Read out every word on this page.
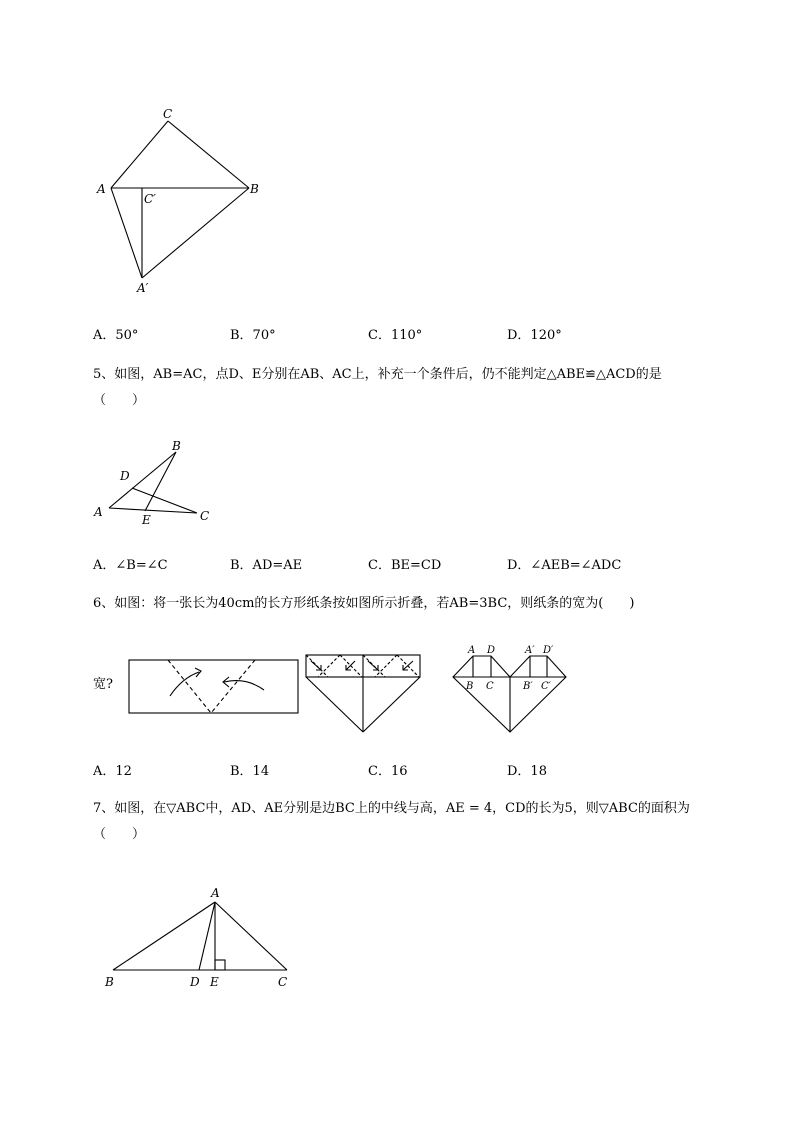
C
A
C′
B
A′
A．50°	B．70°	C．110°	D．120°
5、如图，AB=AC，点D、E分别在AB、AC上，补充一个条件后，仍不能判定△ABE≌△ACD的是
（　　）
B
D
A
E	C
A．∠B=∠C	B．AD=AE	C．BE=CD	D．∠AEB=∠ADC
6、如图：将一张长为40cm的长方形纸条按如图所示折叠，若AB=3BC，则纸条的宽为(　　)
宽?
A D	A′ D′
B C	B′ C′
A．12	B．14	C．16	D．18
7、如图，在▽ABC中，AD、AE分别是边BC上的中线与高，AE = 4，CD的长为5，则▽ABC的面积为
（　　）
A
B	D E	C
